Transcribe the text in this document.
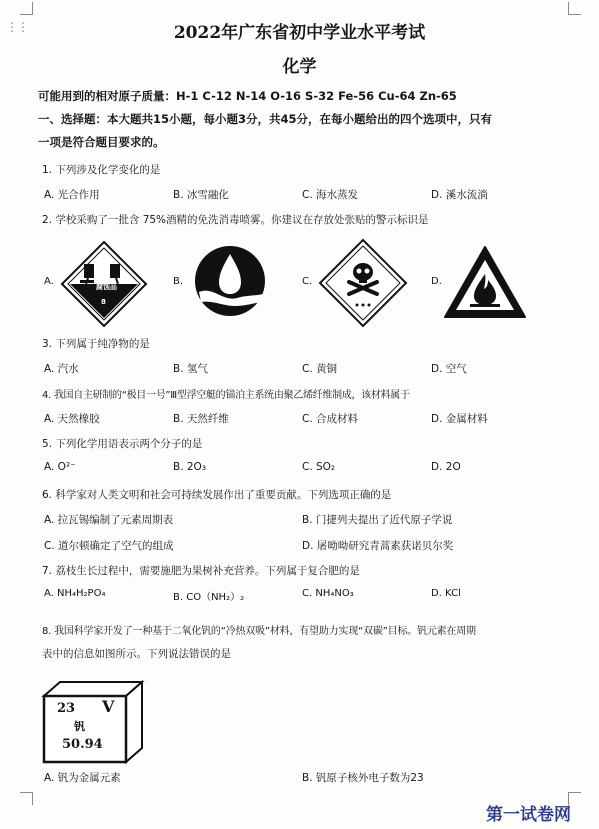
⋮⋮	2022年广东省初中学业水平考试
化学
可能用到的相对原子质量：H-1 C-12 N-14 O-16 S-32 Fe-56 Cu-64 Zn-65
一、选择题：本大题共15小题，每小题3分，共45分，在每小题给出的四个选项中，只有
一项是符合题目要求的。
1. 下列涉及化学变化的是
A. 光合作用	B. 冰雪融化	C. 海水蒸发	D. 溪水流淌
2. 学校采购了一批含 75%酒精的免洗消毒喷雾。你建议在存放处张贴的警示标识是
A.	B.	C.	D.
腐蚀品
8
3. 下列属于纯净物的是
A. 汽水	B. 氢气	C. 黄铜	D. 空气
4. 我国自主研制的“极目一号”Ⅲ型浮空艇的锚泊主系统由聚乙烯纤维制成，该材料属于
A. 天然橡胶	B. 天然纤维	C. 合成材料	D. 金属材料
5. 下列化学用语表示两个分子的是
A. O²⁻	B. 2O₃	C. SO₂	D. 2O
6. 科学家对人类文明和社会可持续发展作出了重要贡献。下列选项正确的是
A. 拉瓦锡编制了元素周期表	B. 门捷列夫提出了近代原子学说
C. 道尔顿确定了空气的组成	D. 屠呦呦研究青蒿素获诺贝尔奖
7. 荔枝生长过程中，需要施肥为果树补充营养。下列属于复合肥的是
A. NH₄H₂PO₄	B. CO（NH₂）₂	C. NH₄NO₃	D. KCl
8. 我国科学家开发了一种基于二氧化钒的“冷热双吸”材料，有望助力实现“双碳”目标。钒元素在周期
表中的信息如图所示。下列说法错误的是
23 V
钒
50.94
A. 钒为金属元素	B. 钒原子核外电子数为23
第一试卷网
